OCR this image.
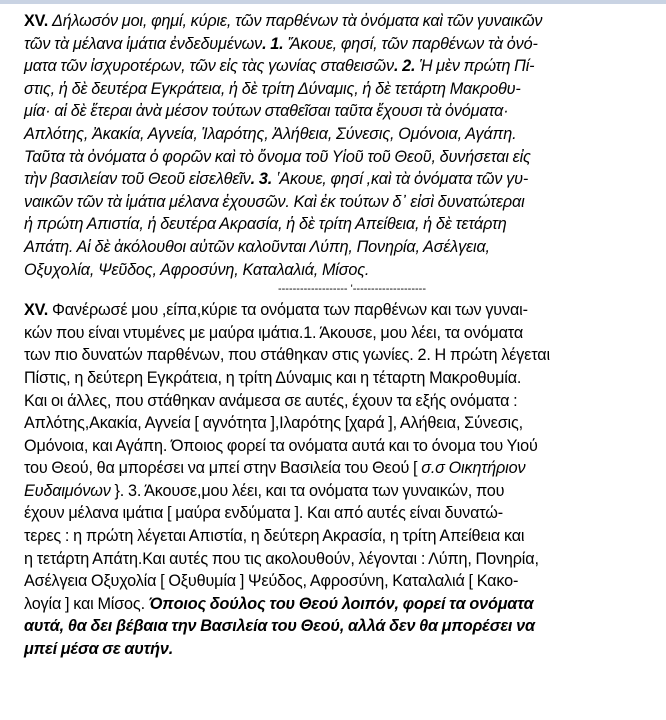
XV. Δήλωσόν μοι, φημί, κύριε, τῶν παρθένων τὰ ὀνόματα καὶ τῶν γυναικῶν
τῶν τὰ μέλανα ἱμάτια ἐνδεδυμένων. 1. Ἄκουε, φησί, τῶν παρθένων τὰ ὀνό-
ματα τῶν ἰσχυροτέρων, τῶν εἰς τὰς γωνίας σταθεισῶν. 2. Ἡ μὲν πρώτη Πί-
στις, ἡ δὲ δευτέρα Εγκράτεια, ἡ δὲ τρίτη Δύναμις, ἡ δὲ τετάρτη Μακροθυ-
μία· αἱ δὲ ἕτεραι ἀνὰ μέσον τούτων σταθεῖσαι ταῦτα ἔχουσι τὰ ὀνόματα·
Απλότης, Ἀκακία, Αγνεία, Ἱλαρότης, Ἀλήθεια, Σύνεσις, Ομόνοια, Αγάπη.
Ταῦτα τὰ ὀνόματα ὁ φορῶν καὶ τὸ ὄνομα τοῦ Υἱοῦ τοῦ Θεοῦ, δυνήσεται εἰς
τὴν βασιλείαν τοῦ Θεοῦ εἰσελθεῖν. 3. ʽΑκουε, φησί ,καὶ τὰ ὀνόματα τῶν γυ-
ναικῶν τῶν τὰ ἱμάτια μέλανα ἐχουσῶν. Καὶ ἐκ τούτων δ᾽ εἰσὶ δυνατώτεραι
ἡ πρώτη Απιστία, ἡ δευτέρα Ακρασία, ἡ δὲ τρίτη Απείθεια, ἡ δὲ τετάρτη
Απάτη. Αἱ δὲ ἀκόλουθοι αὐτῶν καλοῦνται Λύπη, Πονηρία, Ασέλγεια,
Οξυχολία, Ψεῦδος, Αφροσύνη, Καταλαλιά, Μίσος.
------------------- '--------------------
XV. Φανέρωσέ μου ,είπα,κύριε τα ονόματα των παρθένων και των γυναι-
κών που είναι ντυμένες με μαύρα ιμάτια.1. Άκουσε, μου λέει, τα ονόματα
των πιο δυνατών παρθένων, που στάθηκαν στις γωνίες. 2. Η πρώτη λέγεται
Πίστις, η δεύτερη Εγκράτεια, η τρίτη Δύναμις και η τέταρτη Μακροθυμία.
Και οι άλλες, που στάθηκαν ανάμεσα σε αυτές, έχουν τα εξής ονόματα :
Απλότης,Ακακία, Αγνεία [ αγνότητα ],Ιλαρότης [χαρά ], Αλήθεια, Σύνεσις,
Ομόνοια, και Αγάπη. Όποιος φορεί τα ονόματα αυτά και το όνομα του Υιού
του Θεού, θα μπορέσει να μπεί στην Βασιλεία του Θεού [ σ.σ Οικητήριον
Ευδαιμόνων }. 3. Άκουσε,μου λέει, και τα ονόματα των γυναικών, που
έχουν μέλανα ιμάτια [ μαύρα ενδύματα ]. Και από αυτές είναι δυνατώ-
τερες : η πρώτη λέγεται Απιστία, η δεύτερη Ακρασία, η τρίτη Απείθεια και
η τετάρτη Απάτη.Και αυτές που τις ακολουθούν, λέγονται : Λύπη, Πονηρία,
Ασέλγεια Οξυχολία [ Οξυθυμία ] Ψεύδος, Αφροσύνη, Καταλαλιά [ Κακο-
λογία ] και Μίσος. Όποιος δούλος του Θεού λοιπόν, φορεί τα ονόματα
αυτά, θα δει βέβαια την Βασιλεία του Θεού, αλλά δεν θα μπορέσει να
μπεί μέσα σε αυτήν.
